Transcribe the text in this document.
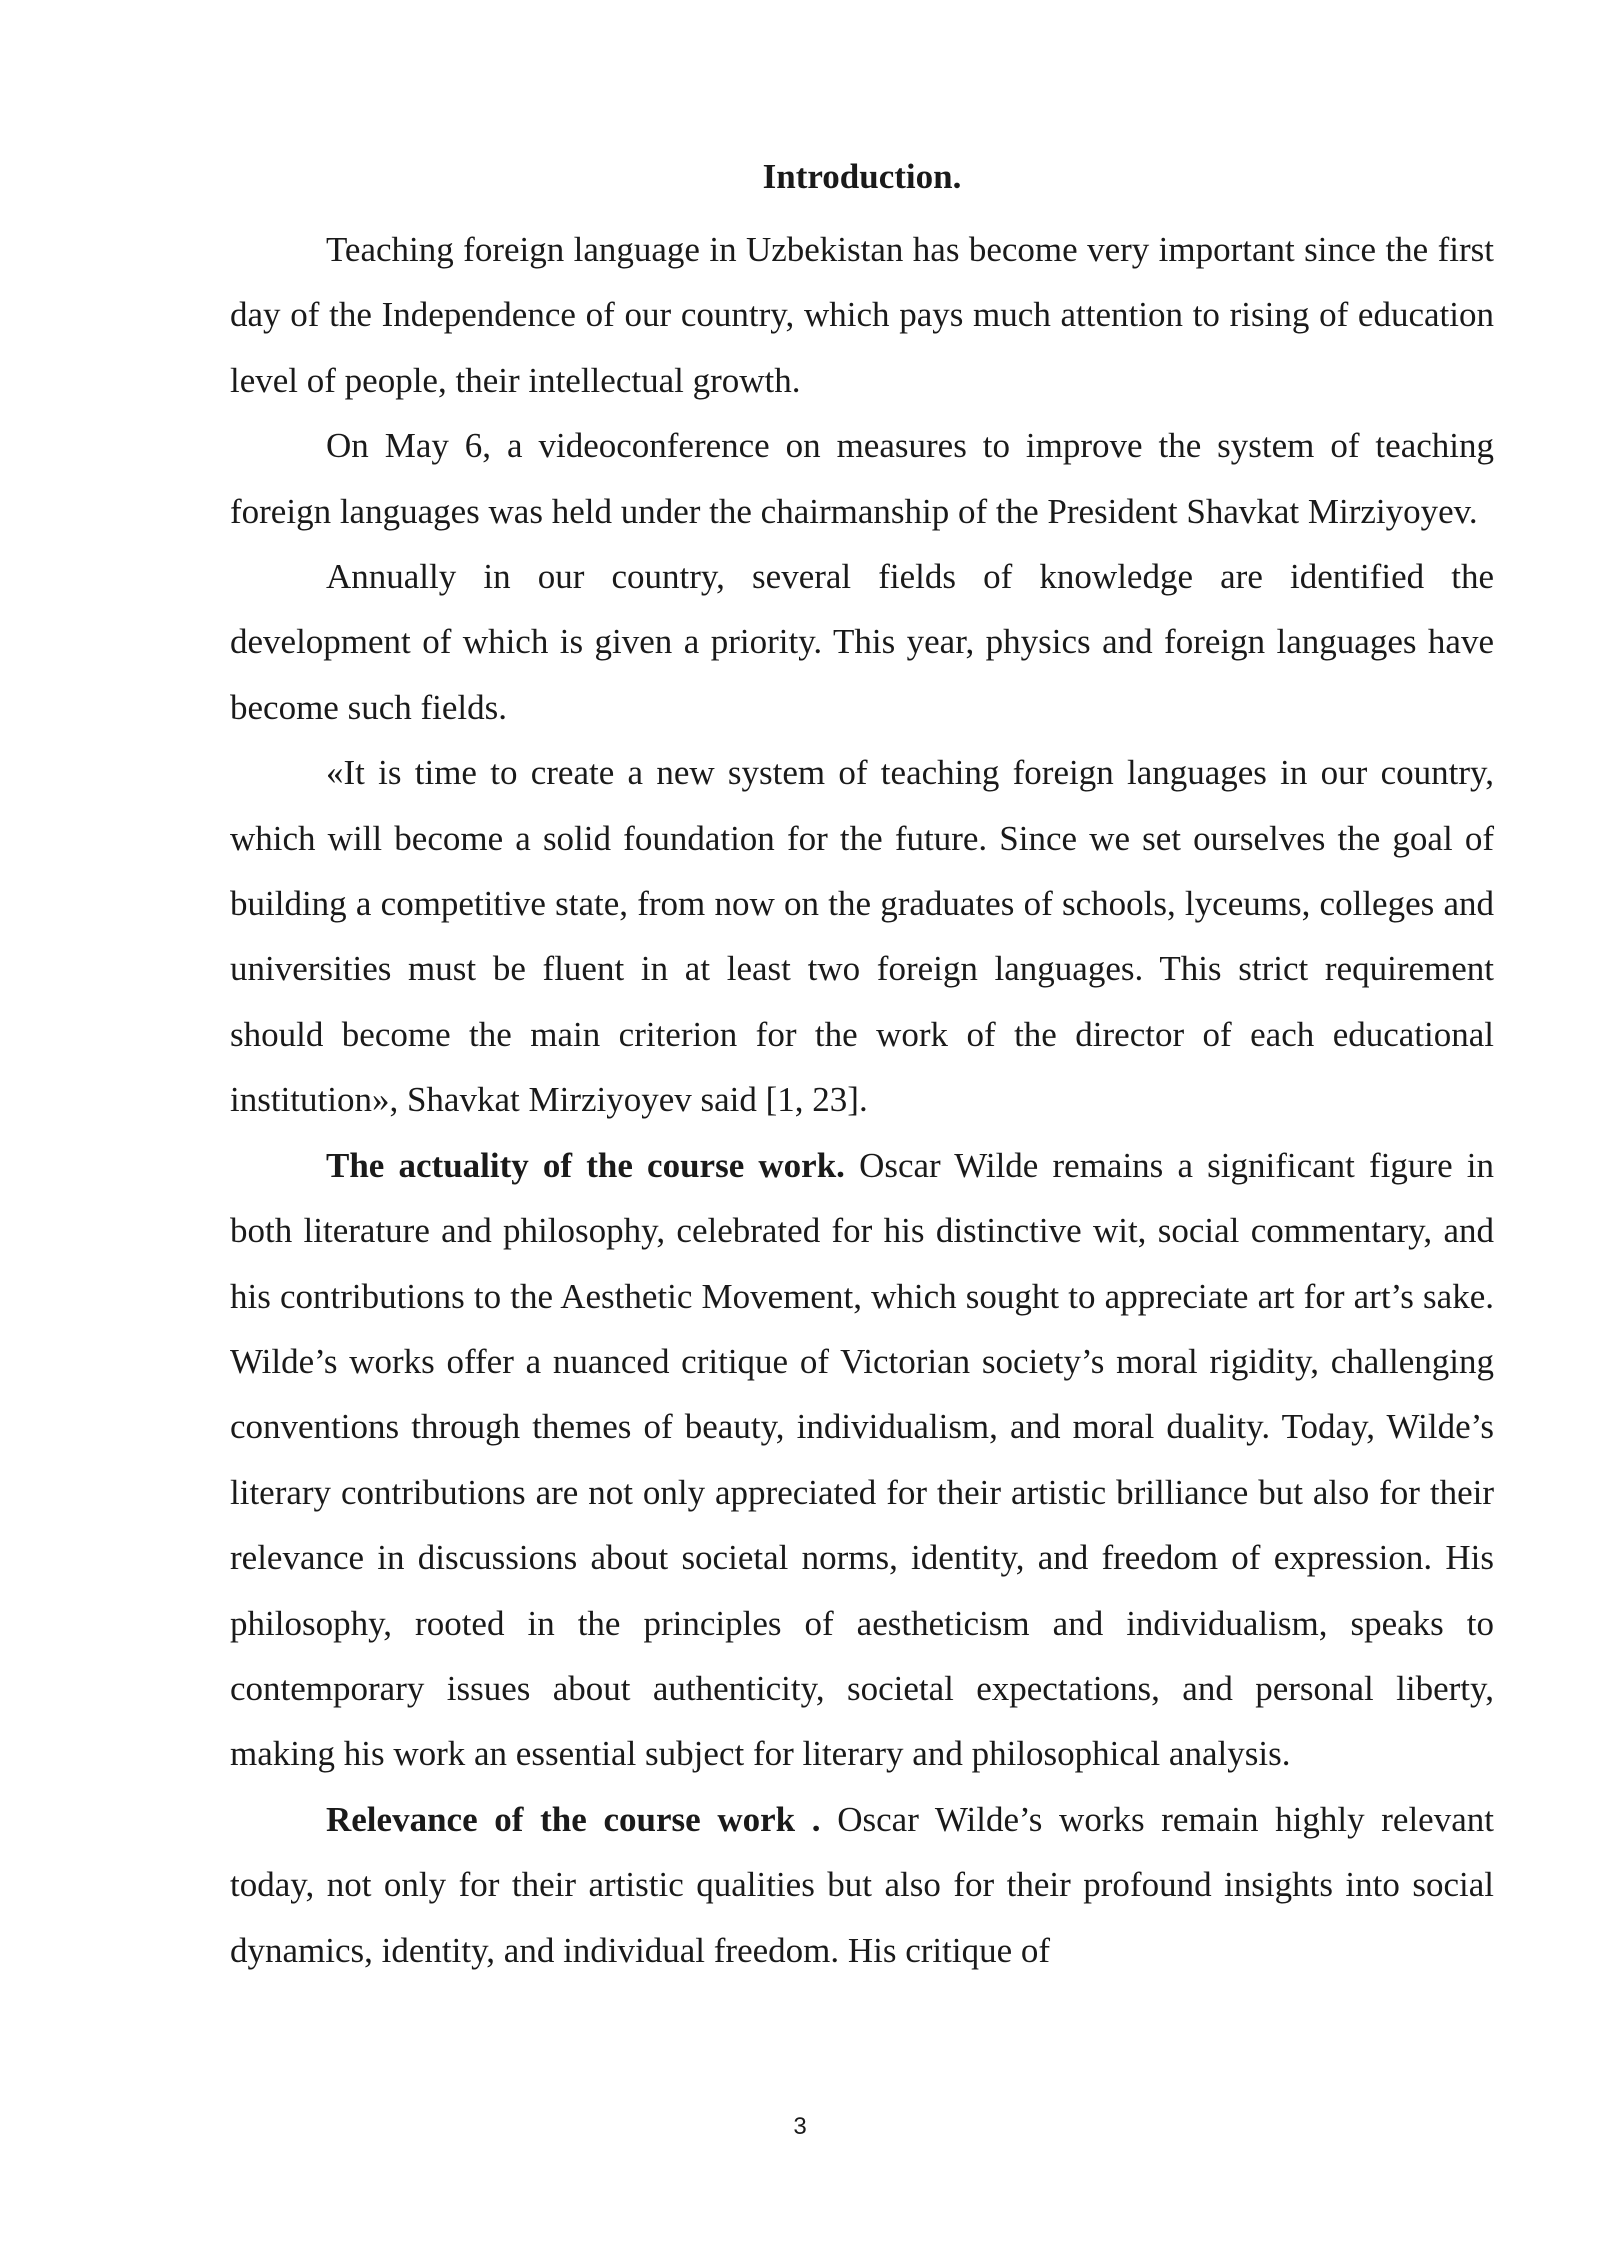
Introduction.

Teaching foreign language in Uzbekistan has become very important since the first day of the Independence of our country, which pays much attention to rising of education level of people, their intellectual growth.

On May 6, a videoconference on measures to improve the system of teaching foreign languages was held under the chairmanship of the President Shavkat Mirziyoyev.

Annually in our country, several fields of knowledge are identified the development of which is given a priority. This year, physics and foreign languages have become such fields.

«It is time to create a new system of teaching foreign languages in our country, which will become a solid foundation for the future. Since we set ourselves the goal of building a competitive state, from now on the graduates of schools, lyceums, colleges and universities must be fluent in at least two foreign languages. This strict requirement should become the main criterion for the work of the director of each educational institution», Shavkat Mirziyoyev said [1, 23].

The actuality of the course work. Oscar Wilde remains a significant figure in both literature and philosophy, celebrated for his distinctive wit, social commentary, and his contributions to the Aesthetic Movement, which sought to appreciate art for art’s sake. Wilde’s works offer a nuanced critique of Victorian society’s moral rigidity, challenging conventions through themes of beauty, individualism, and moral duality. Today, Wilde’s literary contributions are not only appreciated for their artistic brilliance but also for their relevance in discussions about societal norms, identity, and freedom of expression. His philosophy, rooted in the principles of aestheticism and individualism, speaks to contemporary issues about authenticity, societal expectations, and personal liberty, making his work an essential subject for literary and philosophical analysis.

Relevance of the course work . Oscar Wilde’s works remain highly relevant today, not only for their artistic qualities but also for their profound insights into social dynamics, identity, and individual freedom. His critique of

3
